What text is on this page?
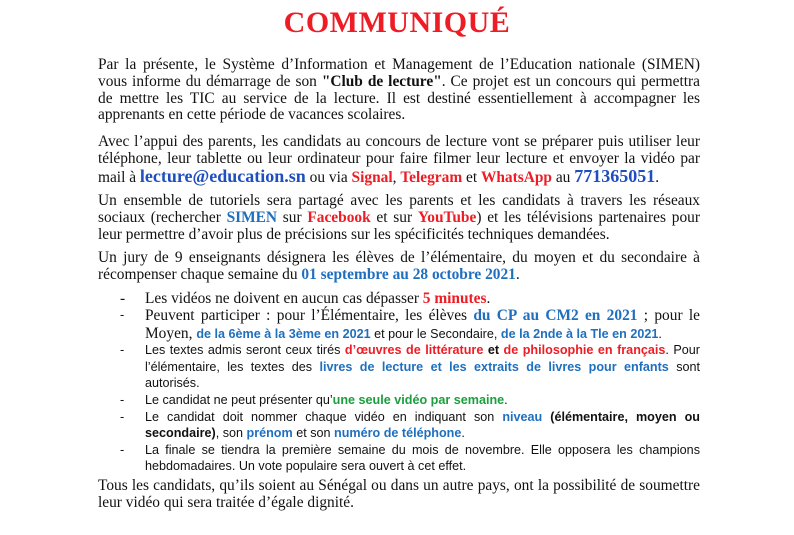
COMMUNIQUÉ

Par la présente, le Système d’Information et Management de l’Education nationale (SIMEN) vous informe du démarrage de son "Club de lecture". Ce projet est un concours qui permettra de mettre les TIC au service de la lecture. Il est destiné essentiellement à accompagner les apprenants en cette période de vacances scolaires.

Avec l’appui des parents, les candidats au concours de lecture vont se préparer puis utiliser leur téléphone, leur tablette ou leur ordinateur pour faire filmer leur lecture et envoyer la vidéo par mail à lecture@education.sn ou via Signal, Telegram et WhatsApp au 771365051.

Un ensemble de tutoriels sera partagé avec les parents et les candidats à travers les réseaux sociaux (rechercher SIMEN sur Facebook et sur YouTube) et les télévisions partenaires pour leur permettre d’avoir plus de précisions sur les spécificités techniques demandées.

Un jury de 9 enseignants désignera les élèves de l’élémentaire, du moyen et du secondaire à récompenser chaque semaine du 01 septembre au 28 octobre 2021.

- Les vidéos ne doivent en aucun cas dépasser 5 minutes.
- Peuvent participer : pour l’Élémentaire, les élèves du CP au CM2 en 2021 ; pour le Moyen, de la 6ème à la 3ème en 2021 et pour le Secondaire, de la 2nde à la Tle en 2021.
- Les textes admis seront ceux tirés d’œuvres de littérature et de philosophie en français. Pour l’élémentaire, les textes des livres de lecture et les extraits de livres pour enfants sont autorisés.
- Le candidat ne peut présenter qu’une seule vidéo par semaine.
- Le candidat doit nommer chaque vidéo en indiquant son niveau (élémentaire, moyen ou secondaire), son prénom et son numéro de téléphone.
- La finale se tiendra la première semaine du mois de novembre. Elle opposera les champions hebdomadaires. Un vote populaire sera ouvert à cet effet.

Tous les candidats, qu’ils soient au Sénégal ou dans un autre pays, ont la possibilité de soumettre leur vidéo qui sera traitée d’égale dignité.
